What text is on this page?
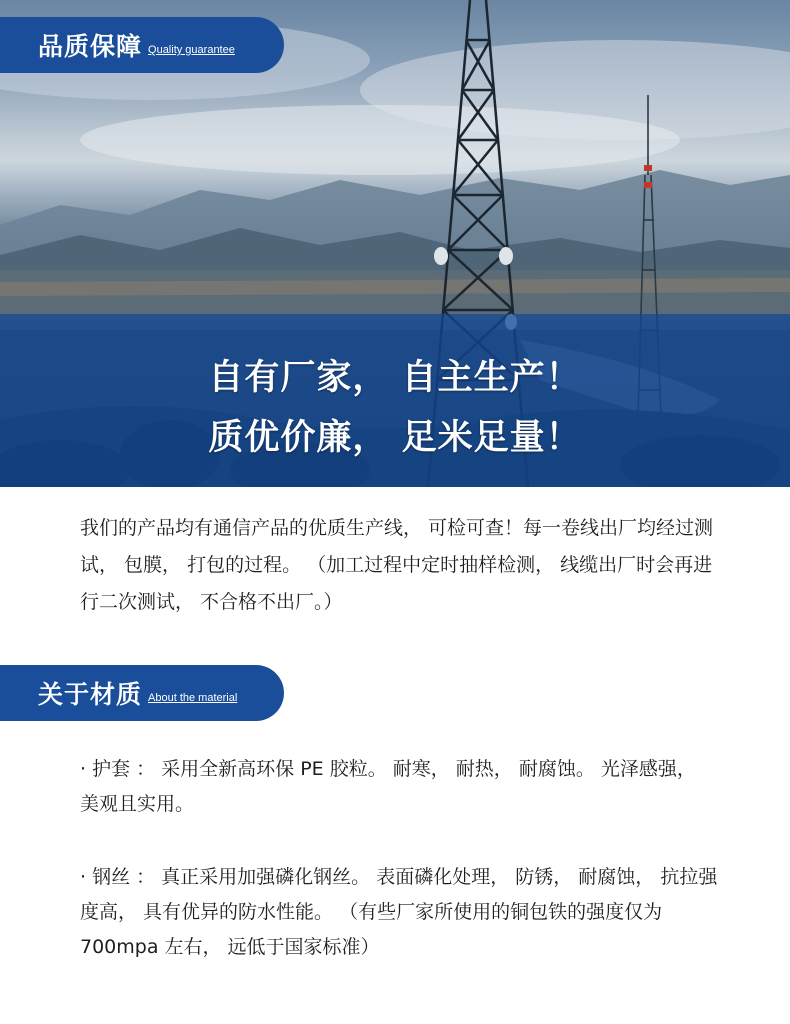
自有厂家， 自主生产！
质优价廉， 足米足量！
品质保障 Quality guarantee

我们的产品均有通信产品的优质生产线， 可检可查！每一卷线出厂均经过测试， 包膜， 打包的过程。 （加工过程中定时抽样检测， 线缆出厂时会再进行二次测试， 不合格不出厂。）

关于材质 About the material

· 护套 ： 采用全新高环保 PE 胶粒。 耐寒， 耐热， 耐腐蚀。 光泽感强， 美观且实用。

· 钢丝 ： 真正采用加强磷化钢丝。 表面磷化处理， 防锈， 耐腐蚀， 抗拉强度高， 具有优异的防水性能。 （有些厂家所使用的铜包铁的强度仅为 700mpa 左右， 远低于国家标准）
